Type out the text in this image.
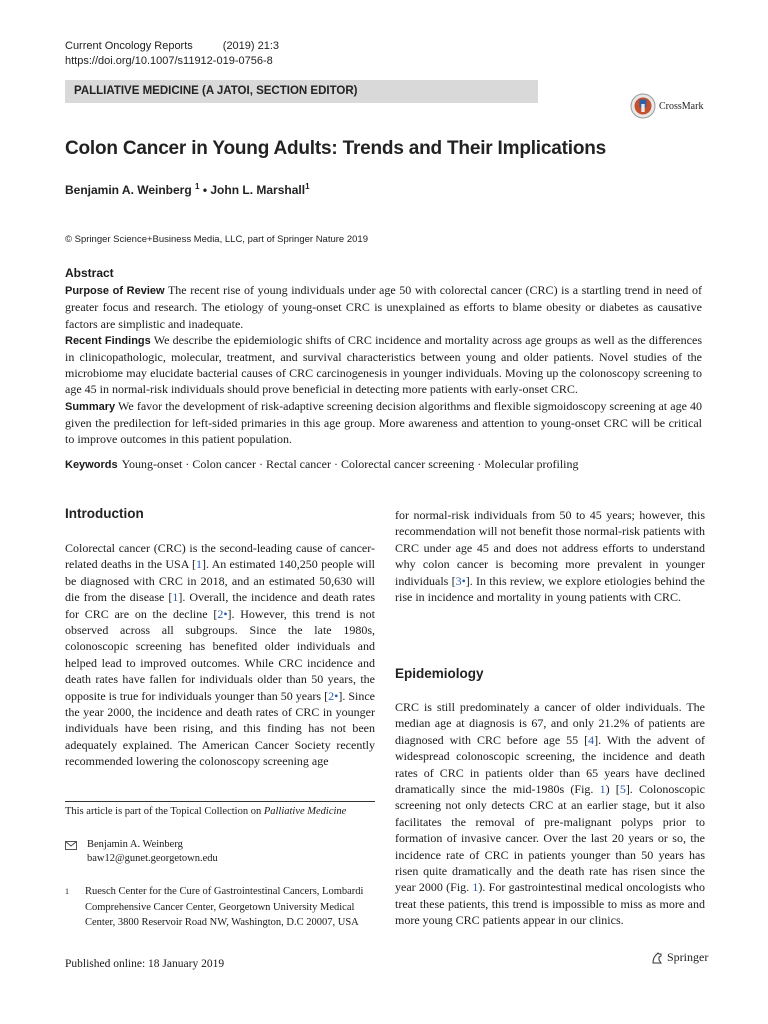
Current Oncology Reports	(2019) 21:3
https://doi.org/10.1007/s11912-019-0756-8
PALLIATIVE MEDICINE (A JATOI, SECTION EDITOR)
CrossMark
Colon Cancer in Young Adults: Trends and Their Implications
Benjamin A. Weinberg $^1$ • John L. Marshall$^1$
© Springer Science+Business Media, LLC, part of Springer Nature 2019
Abstract

Purpose of Review The recent rise of young individuals under age 50 with colorectal cancer (CRC) is a startling trend in need of greater focus and research. The etiology of young-onset CRC is unexplained as efforts to blame obesity or diabetes as causative factors are simplistic and inadequate.

Recent Findings We describe the epidemiologic shifts of CRC incidence and mortality across age groups as well as the differences in clinicopathologic, molecular, treatment, and survival characteristics between young and older patients. Novel studies of the microbiome may elucidate bacterial causes of CRC carcinogenesis in younger individuals. Moving up the colonoscopy screening to age 45 in normal-risk individuals should prove beneficial in detecting more patients with early-onset CRC.

Summary We favor the development of risk-adaptive screening decision algorithms and flexible sigmoidoscopy screening at age 40 given the predilection for left-sided primaries in this age group. More awareness and attention to young-onset CRC will be critical to improve outcomes in this patient population.

Keywords Young-onset · Colon cancer · Rectal cancer · Colorectal cancer screening · Molecular profiling
Introduction

Colorectal cancer (CRC) is the second-leading cause of cancer-related deaths in the USA [1]. An estimated 140,250 people will be diagnosed with CRC in 2018, and an estimated 50,630 will die from the disease [1]. Overall, the incidence and death rates for CRC are on the decline [2•]. However, this trend is not observed across all subgroups. Since the late 1980s, colonoscopic screening has benefited older individuals and helped lead to improved outcomes. While CRC incidence and death rates have fallen for individuals older than 50 years, the opposite is true for individuals younger than 50 years [2•]. Since the year 2000, the incidence and death rates of CRC in younger individuals have been rising, and this finding has not been adequately explained. The American Cancer Society recently recommended lowering the colonoscopy screening age

for normal-risk individuals from 50 to 45 years; however, this recommendation will not benefit those normal-risk patients with CRC under age 45 and does not address efforts to understand why colon cancer is becoming more prevalent in younger individuals [3•]. In this review, we explore etiologies behind the rise in incidence and mortality in young patients with CRC.

Epidemiology

CRC is still predominately a cancer of older individuals. The median age at diagnosis is 67, and only 21.2% of patients are diagnosed with CRC before age 55 [4]. With the advent of widespread colonoscopic screening, the incidence and death rates of CRC in patients older than 65 years have declined dramatically since the mid-1980s (Fig. 1) [5]. Colonoscopic screening not only detects CRC at an earlier stage, but it also facilitates the removal of pre-malignant polyps prior to formation of invasive cancer. Over the last 20 years or so, the incidence rate of CRC in patients younger than 50 years has risen quite dramatically and the death rate has risen since the year 2000 (Fig. 1). For gastrointestinal medical oncologists who treat these patients, this trend is impossible to miss as more and more young CRC patients appear in our clinics.

This article is part of the Topical Collection on Palliative Medicine
Benjamin A. Weinberg
baw12@gunet.georgetown.edu
1	Ruesch Center for the Cure of Gastrointestinal Cancers, Lombardi Comprehensive Cancer Center, Georgetown University Medical Center, 3800 Reservoir Road NW, Washington, D.C 20007, USA
Published online: 18 January 2019	Springer
